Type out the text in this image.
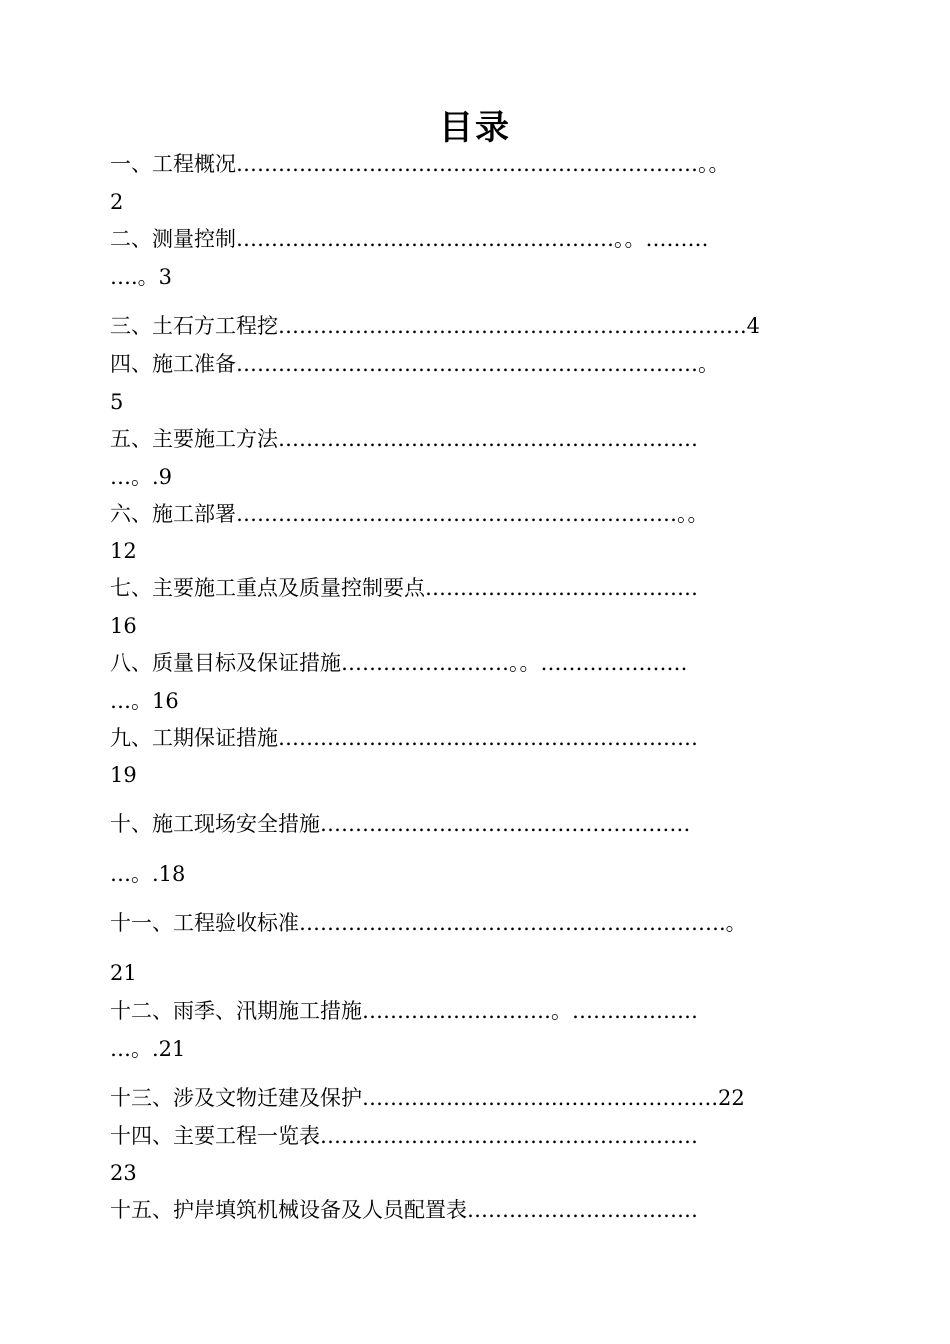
目录
一、工程概况…………………………………………………………。。
2
二、测量控制………………………………………………。。………
….。3
三、土石方工程挖………………………………………………………….4
四、施工准备…………………………………………………………。
5
五、主要施工方法……………………………………………………
…。.9
六、施工部署………………………………………………………。。
12
七、主要施工重点及质量控制要点…………………………………
16
八、质量目标及保证措施……………………。。…………………
…。16
九、工期保证措施……………………………………………………
19
十、施工现场安全措施…………………………..…………………
…。.18
十一、工程验收标准…………………………………………………….。
21
十二、雨季、汛期施工措施………………………。………………
…。.21
十三、涉及文物迁建及保护………………………..………………….22
十四、主要工程一览表………………………………………………
23
十五、护岸填筑机械设备及人员配置表……………………………
